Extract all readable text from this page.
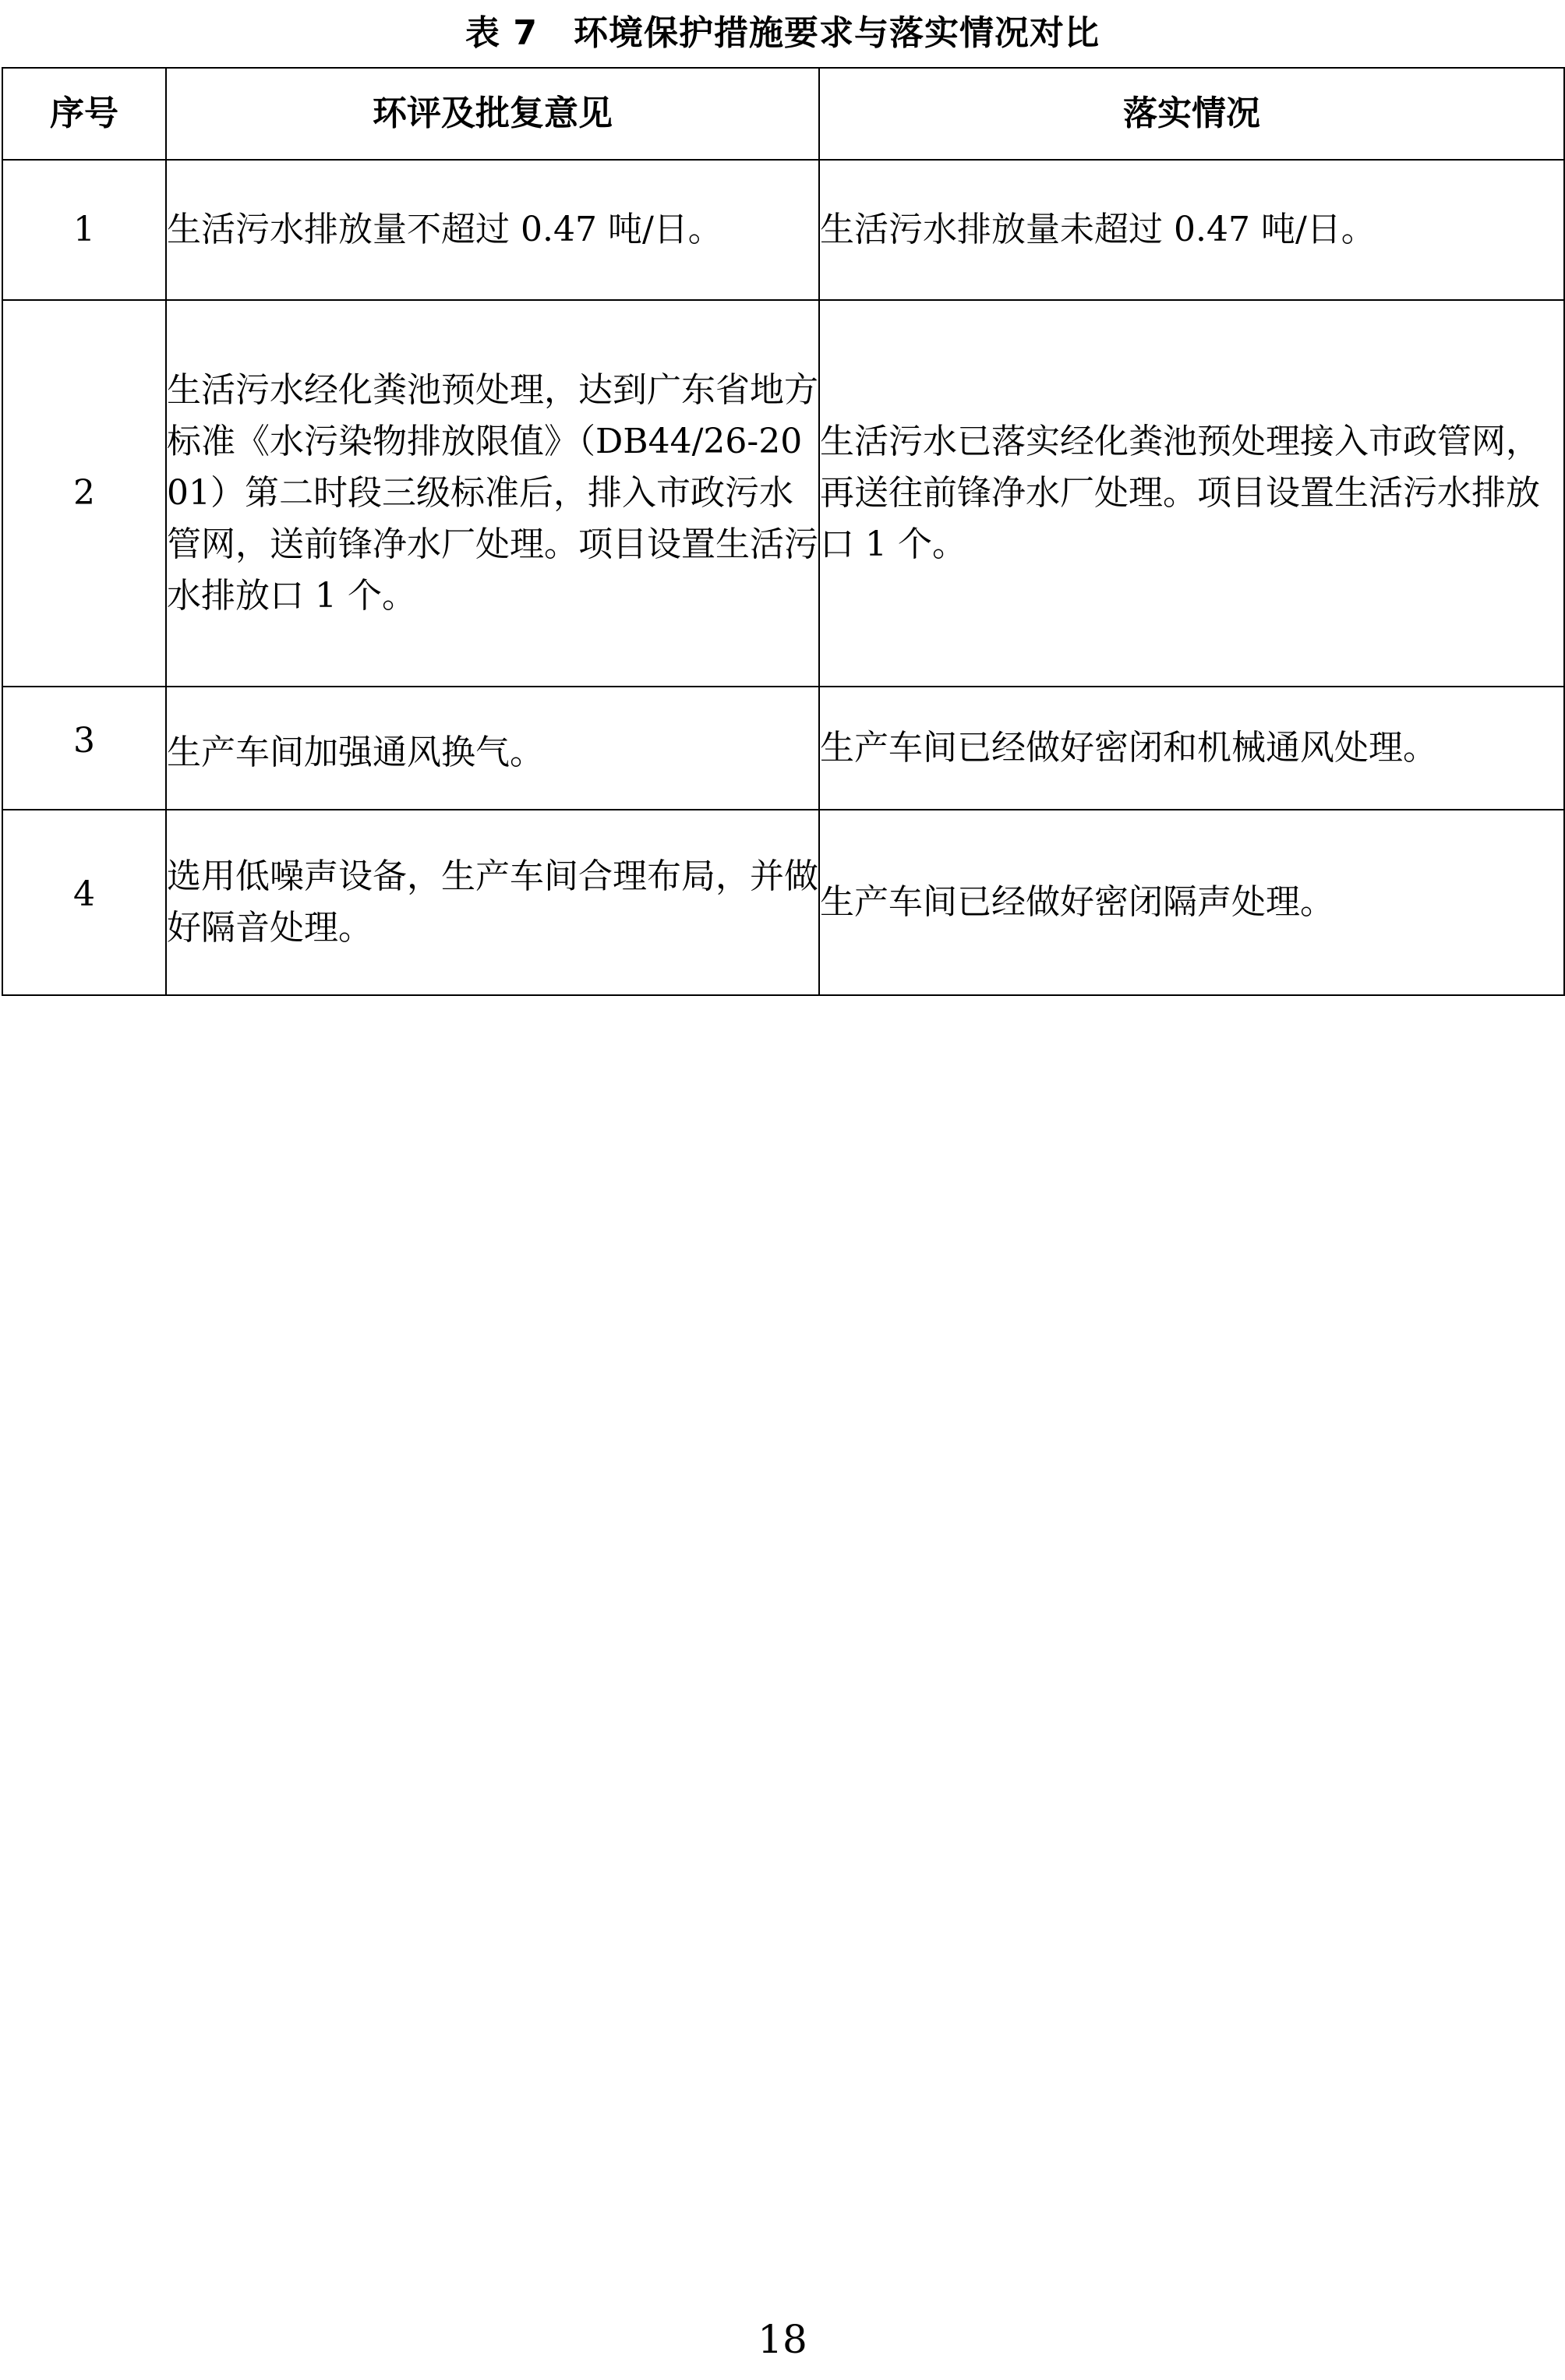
表 7 环境保护措施要求与落实情况对比
序号	环评及批复意见	落实情况
1	生活污水排放量不超过 0.47 吨/日。	生活污水排放量未超过 0.47 吨/日。
2	生活污水经化粪池预处理，达到广东省地方标准《水污染物排放限值》（DB44/26-2001）第二时段三级标准后，排入市政污水管网，送前锋净水厂处理。项目设置生活污水排放口 1 个。	生活污水已落实经化粪池预处理接入市政管网，再送往前锋净水厂处理。项目设置生活污水排放口 1 个。
3	生产车间加强通风换气。	生产车间已经做好密闭和机械通风处理。
4	选用低噪声设备，生产车间合理布局，并做好隔音处理。	生产车间已经做好密闭隔声处理。
18
